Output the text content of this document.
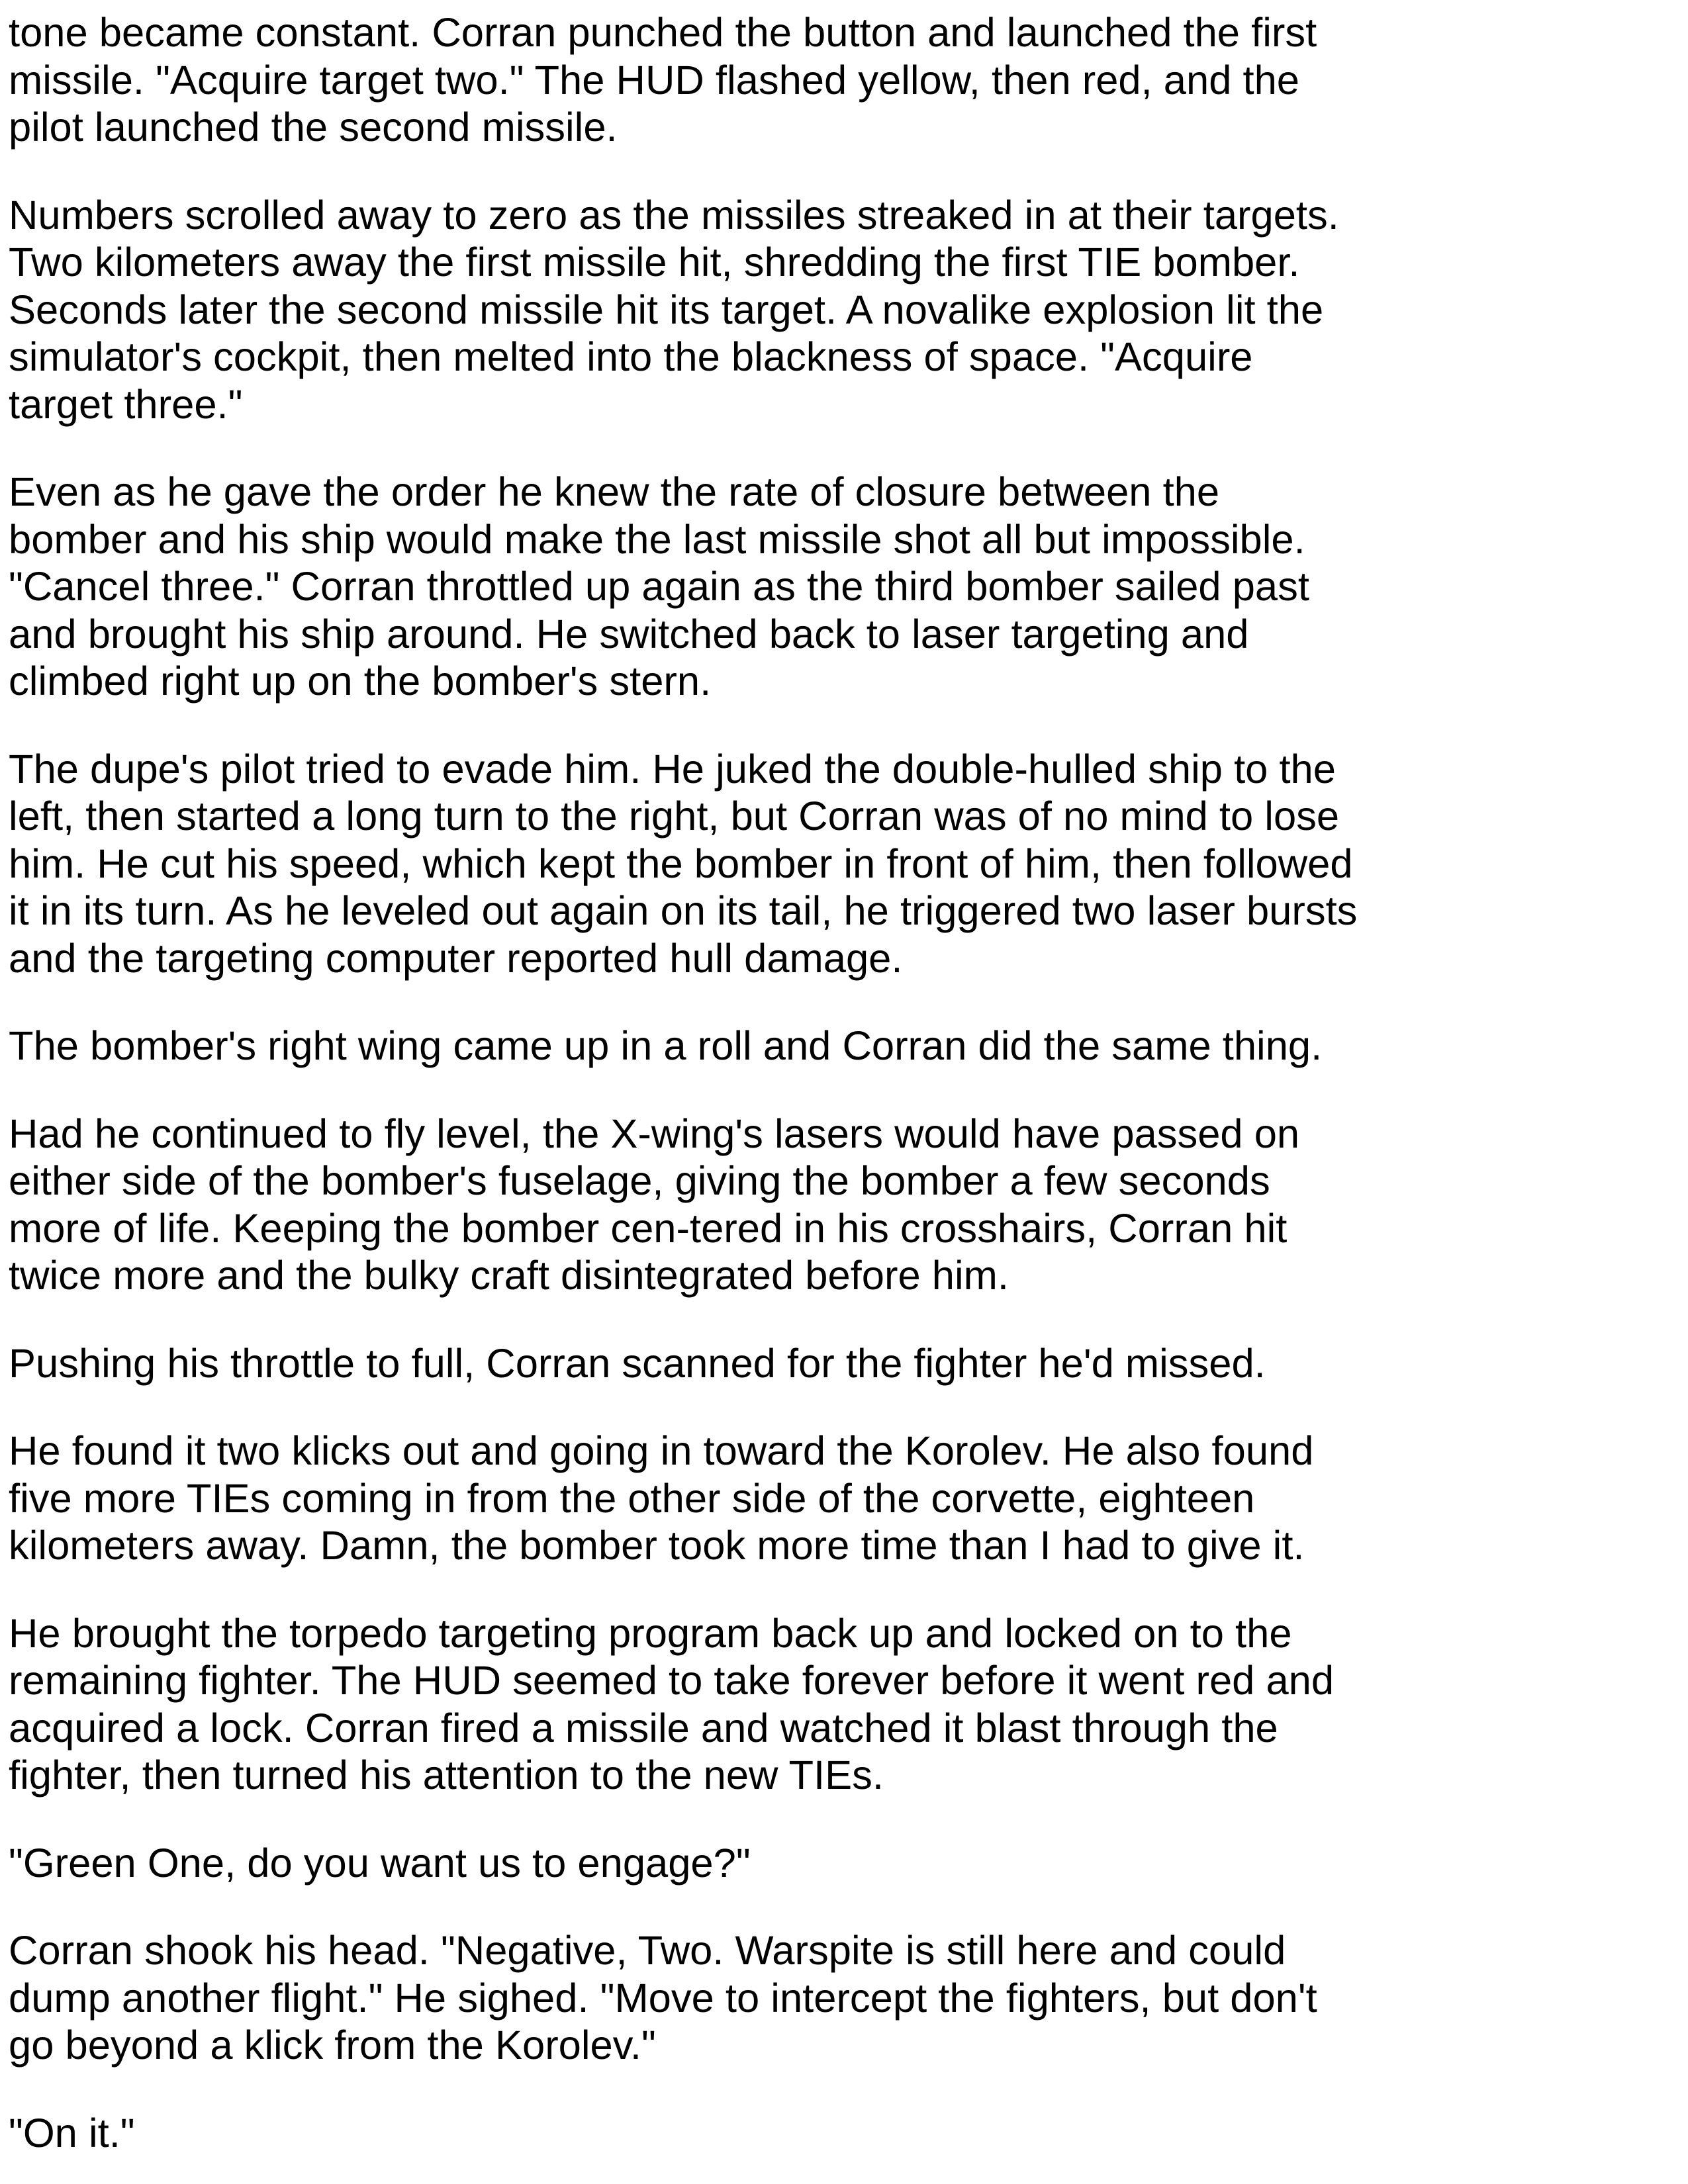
tone became constant. Corran punched the button and launched the first
missile. "Acquire target two." The HUD flashed yellow, then red, and the
pilot launched the second missile.

Numbers scrolled away to zero as the missiles streaked in at their targets.
Two kilometers away the first missile hit, shredding the first TIE bomber.
Seconds later the second missile hit its target. A novalike explosion lit the
simulator's cockpit, then melted into the blackness of space. "Acquire
target three."

Even as he gave the order he knew the rate of closure between the
bomber and his ship would make the last missile shot all but impossible.
"Cancel three." Corran throttled up again as the third bomber sailed past
and brought his ship around. He switched back to laser targeting and
climbed right up on the bomber's stern.

The dupe's pilot tried to evade him. He juked the double-hulled ship to the
left, then started a long turn to the right, but Corran was of no mind to lose
him. He cut his speed, which kept the bomber in front of him, then followed
it in its turn. As he leveled out again on its tail, he triggered two laser bursts
and the targeting computer reported hull damage.

The bomber's right wing came up in a roll and Corran did the same thing.

Had he continued to fly level, the X-wing's lasers would have passed on
either side of the bomber's fuselage, giving the bomber a few seconds
more of life. Keeping the bomber cen-tered in his crosshairs, Corran hit
twice more and the bulky craft disintegrated before him.

Pushing his throttle to full, Corran scanned for the fighter he'd missed.

He found it two klicks out and going in toward the Korolev. He also found
five more TIEs coming in from the other side of the corvette, eighteen
kilometers away. Damn, the bomber took more time than I had to give it.

He brought the torpedo targeting program back up and locked on to the
remaining fighter. The HUD seemed to take forever before it went red and
acquired a lock. Corran fired a missile and watched it blast through the
fighter, then turned his attention to the new TIEs.

"Green One, do you want us to engage?"

Corran shook his head. "Negative, Two. Warspite is still here and could
dump another flight." He sighed. "Move to intercept the fighters, but don't
go beyond a klick from the Korolev."

"On it."
